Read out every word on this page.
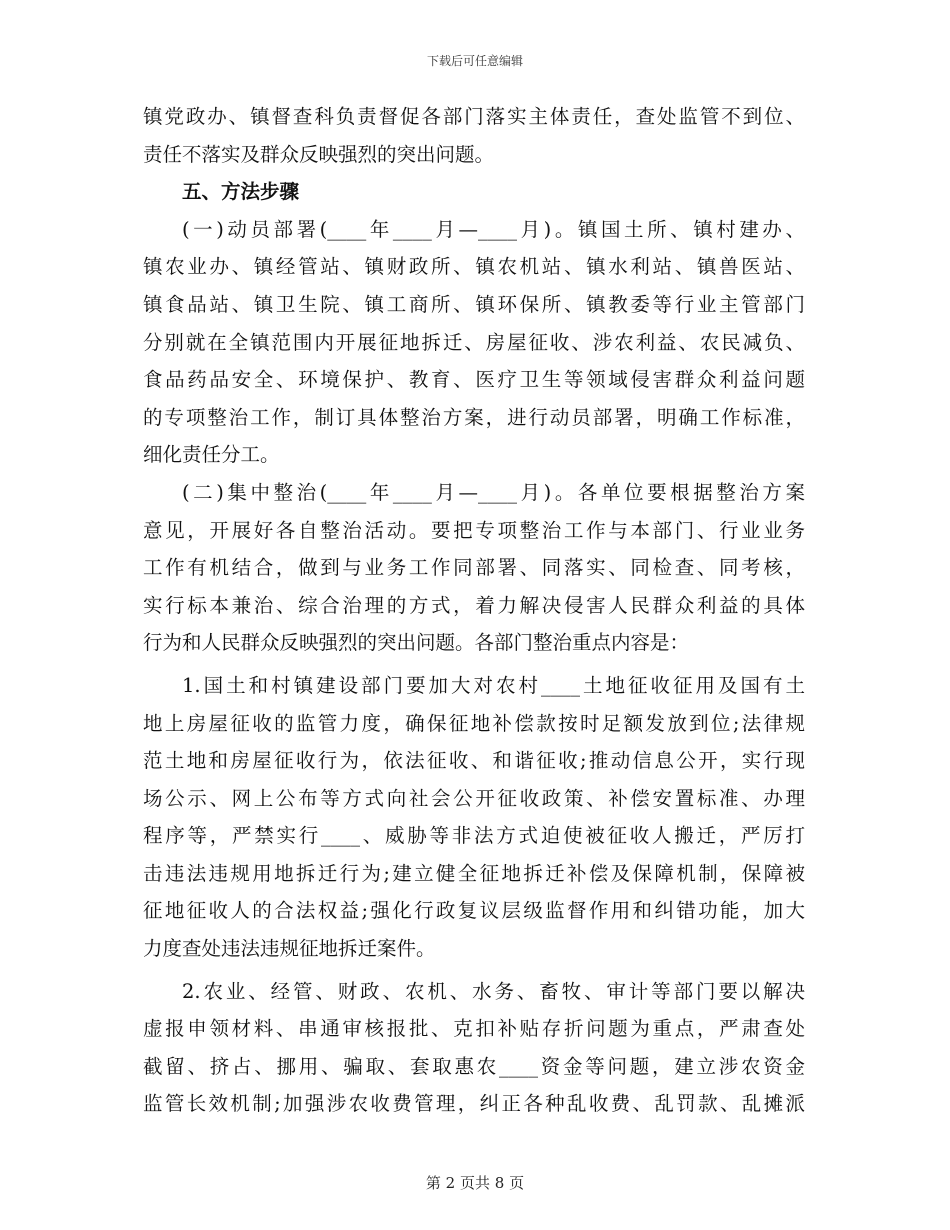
下载后可任意编辑
镇党政办、镇督查科负责督促各部门落实主体责任，查处监管不到位、
责任不落实及群众反映强烈的突出问题。
五、方法步骤
(一)动员部署(____年____月—____月)。镇国土所、镇村建办、
镇农业办、镇经管站、镇财政所、镇农机站、镇水利站、镇兽医站、
镇食品站、镇卫生院、镇工商所、镇环保所、镇教委等行业主管部门
分别就在全镇范围内开展征地拆迁、房屋征收、涉农利益、农民减负、
食品药品安全、环境保护、教育、医疗卫生等领域侵害群众利益问题
的专项整治工作，制订具体整治方案，进行动员部署，明确工作标准，
细化责任分工。
(二)集中整治(____年____月—____月)。各单位要根据整治方案
意见，开展好各自整治活动。要把专项整治工作与本部门、行业业务
工作有机结合，做到与业务工作同部署、同落实、同检查、同考核，
实行标本兼治、综合治理的方式，着力解决侵害人民群众利益的具体
行为和人民群众反映强烈的突出问题。各部门整治重点内容是：
1.国土和村镇建设部门要加大对农村____土地征收征用及国有土
地上房屋征收的监管力度，确保征地补偿款按时足额发放到位;法律规
范土地和房屋征收行为，依法征收、和谐征收;推动信息公开，实行现
场公示、网上公布等方式向社会公开征收政策、补偿安置标准、办理
程序等，严禁实行____、威胁等非法方式迫使被征收人搬迁，严厉打
击违法违规用地拆迁行为;建立健全征地拆迁补偿及保障机制，保障被
征地征收人的合法权益;强化行政复议层级监督作用和纠错功能，加大
力度查处违法违规征地拆迁案件。
2.农业、经管、财政、农机、水务、畜牧、审计等部门要以解决
虚报申领材料、串通审核报批、克扣补贴存折问题为重点，严肃查处
截留、挤占、挪用、骗取、套取惠农____资金等问题，建立涉农资金
监管长效机制;加强涉农收费管理，纠正各种乱收费、乱罚款、乱摊派
第 2 页共 8 页
